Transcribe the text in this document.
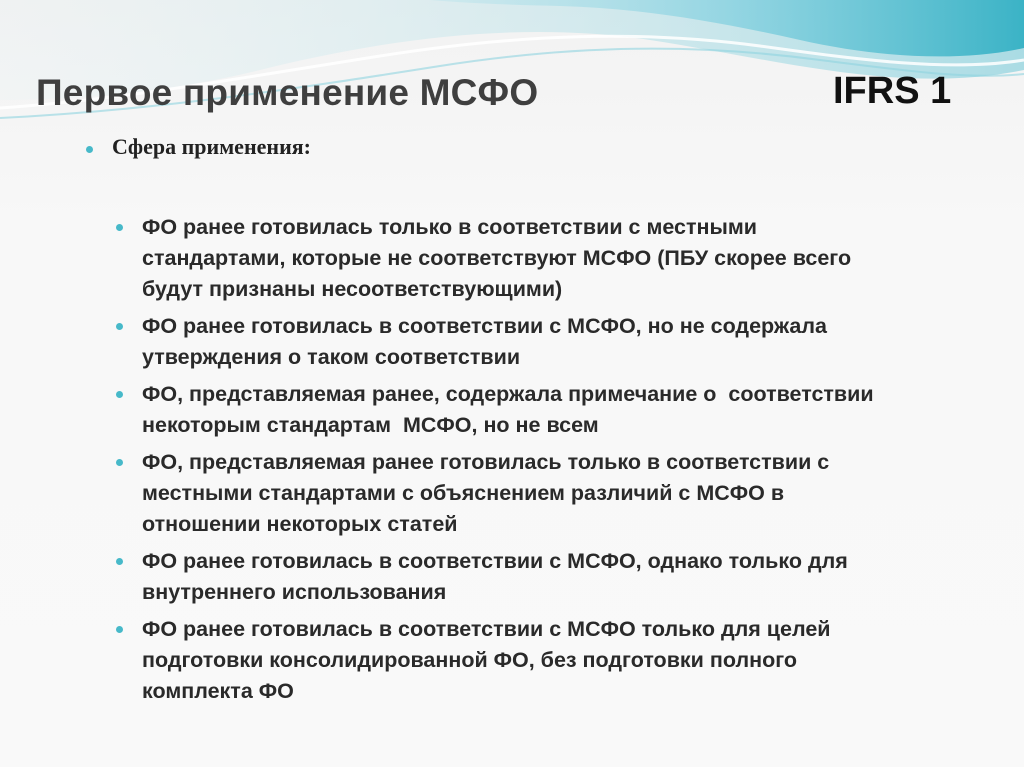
Первое применение МСФО	IFRS 1
Сфера применения:
ФО ранее готовилась только в соответствии с местными
стандартами, которые не соответствуют МСФО (ПБУ скорее всего
будут признаны несоответствующими)
ФО ранее готовилась в соответствии с МСФО, но не содержала
утверждения о таком соответствии
ФО, представляемая ранее, содержала примечание о  соответствии
некоторым стандартам  МСФО, но не всем
ФО, представляемая ранее готовилась только в соответствии с
местными стандартами с объяснением различий с МСФО в
отношении некоторых статей
ФО ранее готовилась в соответствии с МСФО, однако только для
внутреннего использования
ФО ранее готовилась в соответствии с МСФО только для целей
подготовки консолидированной ФО, без подготовки полного
комплекта ФО
